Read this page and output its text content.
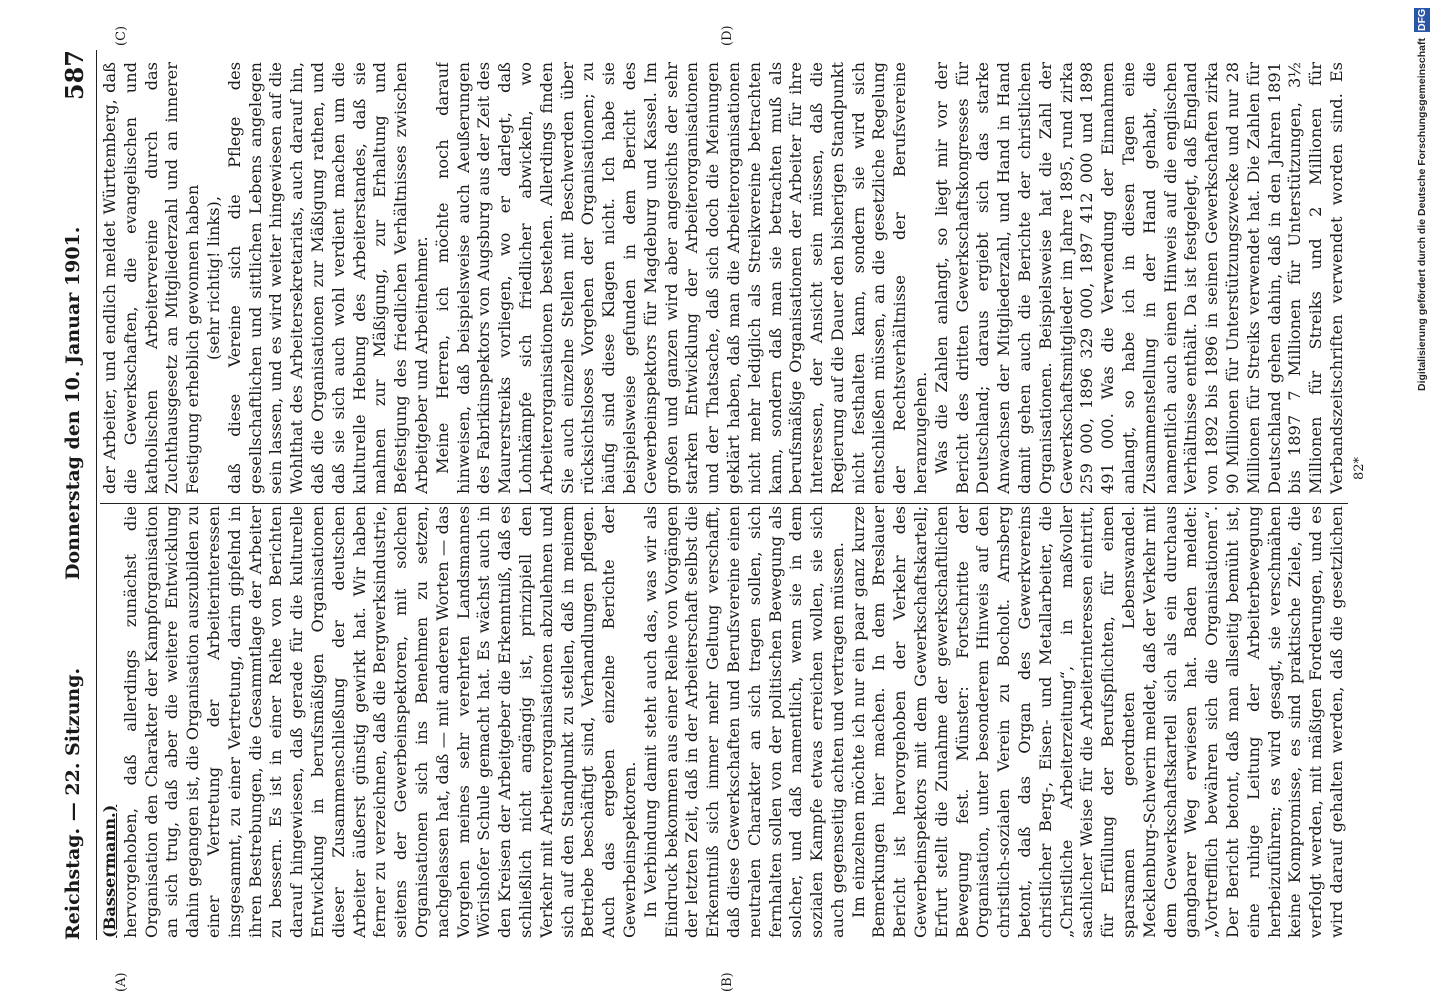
Reichstag. — 22. Sitzung.
Donnerstag den 10. Januar 1901.
587
(A)	(B)
(C)	(D)

(Bassermann.) hervorgehoben, daß allerdings zunächst die Organisation den Charakter der Kampforganisation an sich trug, daß aber die weitere Entwicklung dahin gegangen ist, die Organisation auszubilden zu einer Vertretung der Arbeiterinteressen insgesammt, zu einer Vertretung, darin gipfelnd in ihren Bestrebungen, die Gesammtlage der Arbeiter zu bessern. Es ist in einer Reihe von Berichten darauf hingewiesen, daß gerade für die kulturelle Entwicklung in berufsmäßigen Organisationen dieser Zusammenschließung der deutschen Arbeiter äußerst günstig gewirkt hat. Wir haben ferner zu verzeichnen, daß die Bergwerksindustrie, seitens der Gewerbeinspektoren, mit solchen Organisationen sich ins Benehmen zu setzen, nachgelassen hat, daß — mit anderen Worten — das Vorgehen meines sehr verehrten Landsmannes Wörishofer Schule gemacht hat. Es wächst auch in den Kreisen der Arbeitgeber die Erkenntniß, daß es schließlich nicht angängig ist, prinzipiell den Verkehr mit Arbeiterorganisationen abzulehnen und sich auf den Standpunkt zu stellen, daß in meinem Betriebe beschäftigt sind, Verhandlungen pflegen. Auch das ergeben einzelne Berichte der Gewerbeinspektoren. In Verbindung damit steht auch das, was wir als Eindruck bekommen aus einer Reihe von Vorgängen der letzten Zeit, daß in der Arbeiterschaft selbst die Erkenntniß sich immer mehr Geltung verschafft, daß diese Gewerkschaften und Berufsvereine einen neutralen Charakter an sich tragen sollen, sich fernhalten sollen von der politischen Bewegung als solcher, und daß namentlich, wenn sie in dem sozialen Kampfe etwas erreichen wollen, sie sich auch gegenseitig achten und vertragen müssen. Im einzelnen möchte ich nur ein paar ganz kurze Bemerkungen hier machen. In dem Breslauer Bericht ist hervorgehoben der Verkehr des Gewerbeinspektors mit dem Gewerkschaftskartell; Erfurt stellt die Zunahme der gewerkschaftlichen Bewegung fest. Münster: Fortschritte der Organisation, unter besonderem Hinweis auf den christlich-sozialen Verein zu Bocholt. Arnsberg betont, daß das Organ des Gewerkvereins christlicher Berg-, Eisen- und Metallarbeiter, die „Christliche Arbeiterzeitung“, in maßvoller sachlicher Weise für die Arbeiterinteressen eintritt, für Erfüllung der Berufspflichten, für einen sparsamen geordneten Lebenswandel. Mecklenburg-Schwerin meldet, daß der Verkehr mit dem Gewerkschaftskartell sich als ein durchaus gangbarer Weg erwiesen hat. Baden meldet: „Vortrefflich bewähren sich die Organisationen“. Der Bericht betont, daß man allseitig bemüht ist, eine ruhige Leitung der Arbeiterbewegung herbeizuführen; es wird gesagt, sie verschmähen keine Kompromisse, es sind praktische Ziele, die verfolgt werden, mit mäßigen Forderungen, und es wird darauf gehalten werden, daß die gesetzlichen

der Arbeiter, und endlich meldet Württemberg, daß die Gewerkschaften, die evangelischen und katholischen Arbeitervereine durch das Zuchthausgesetz an Mitgliederzahl und an innerer Festigung erheblich gewonnen haben (sehr richtig! links), daß diese Vereine sich die Pflege des gesellschaftlichen und sittlichen Lebens angelegen sein lassen, und es wird weiter hingewiesen auf die Wohlthat des Arbeitersekretariats, auch darauf hin, daß die Organisationen zur Mäßigung rathen, und daß sie sich auch wohl verdient machen um die kulturelle Hebung des Arbeiterstandes, daß sie mahnen zur Mäßigung, zur Erhaltung und Befestigung des friedlichen Verhältnisses zwischen Arbeitgeber und Arbeitnehmer. Meine Herren, ich möchte noch darauf hinweisen, daß beispielsweise auch Aeußerungen des Fabrikinspektors von Augsburg aus der Zeit des Maurerstreiks vorliegen, wo er darlegt, daß Lohnkämpfe sich friedlicher abwickeln, wo Arbeiterorganisationen bestehen. Allerdings finden Sie auch einzelne Stellen mit Beschwerden über rücksichtsloses Vorgehen der Organisationen; zu häufig sind diese Klagen nicht. Ich habe sie beispielsweise gefunden in dem Bericht des Gewerbeinspektors für Magdeburg und Kassel. Im großen und ganzen wird aber angesichts der sehr starken Entwicklung der Arbeiterorganisationen und der Thatsache, daß sich doch die Meinungen geklärt haben, daß man die Arbeiterorganisationen nicht mehr lediglich als Streikvereine betrachten kann, sondern daß man sie betrachten muß als berufsmäßige Organisationen der Arbeiter für ihre Interessen, der Ansicht sein müssen, daß die Regierung auf die Dauer den bisherigen Standpunkt nicht festhalten kann, sondern sie wird sich entschließen müssen, an die gesetzliche Regelung der Rechtsverhältnisse der Berufsvereine heranzugehen. Was die Zahlen anlangt, so liegt mir vor der Bericht des dritten Gewerkschaftskongresses für Deutschland; daraus ergiebt sich das starke Anwachsen der Mitgliederzahl, und Hand in Hand damit gehen auch die Berichte der christlichen Organisationen. Beispielsweise hat die Zahl der Gewerkschaftsmitglieder im Jahre 1895, rund zirka 259 000, 1896 329 000, 1897 412 000 und 1898 491 000. Was die Verwendung der Einnahmen anlangt, so habe ich in diesen Tagen eine Zusammenstellung in der Hand gehabt, die namentlich auch einen Hinweis auf die englischen Verhältnisse enthält. Da ist festgelegt, daß England von 1892 bis 1896 in seinen Gewerkschaften zirka 90 Millionen für Unterstützungszwecke und nur 28 Millionen für Streiks verwendet hat. Die Zahlen für Deutschland gehen dahin, daß in den Jahren 1891 bis 1897 7 Millionen für Unterstützungen, 3½ Millionen für Streiks und 2 Millionen für Verbandszeitschriften verwendet worden sind. Es

82*
Digitalisierung gefördert durch die Deutsche Forschungsgemeinschaft DFG
